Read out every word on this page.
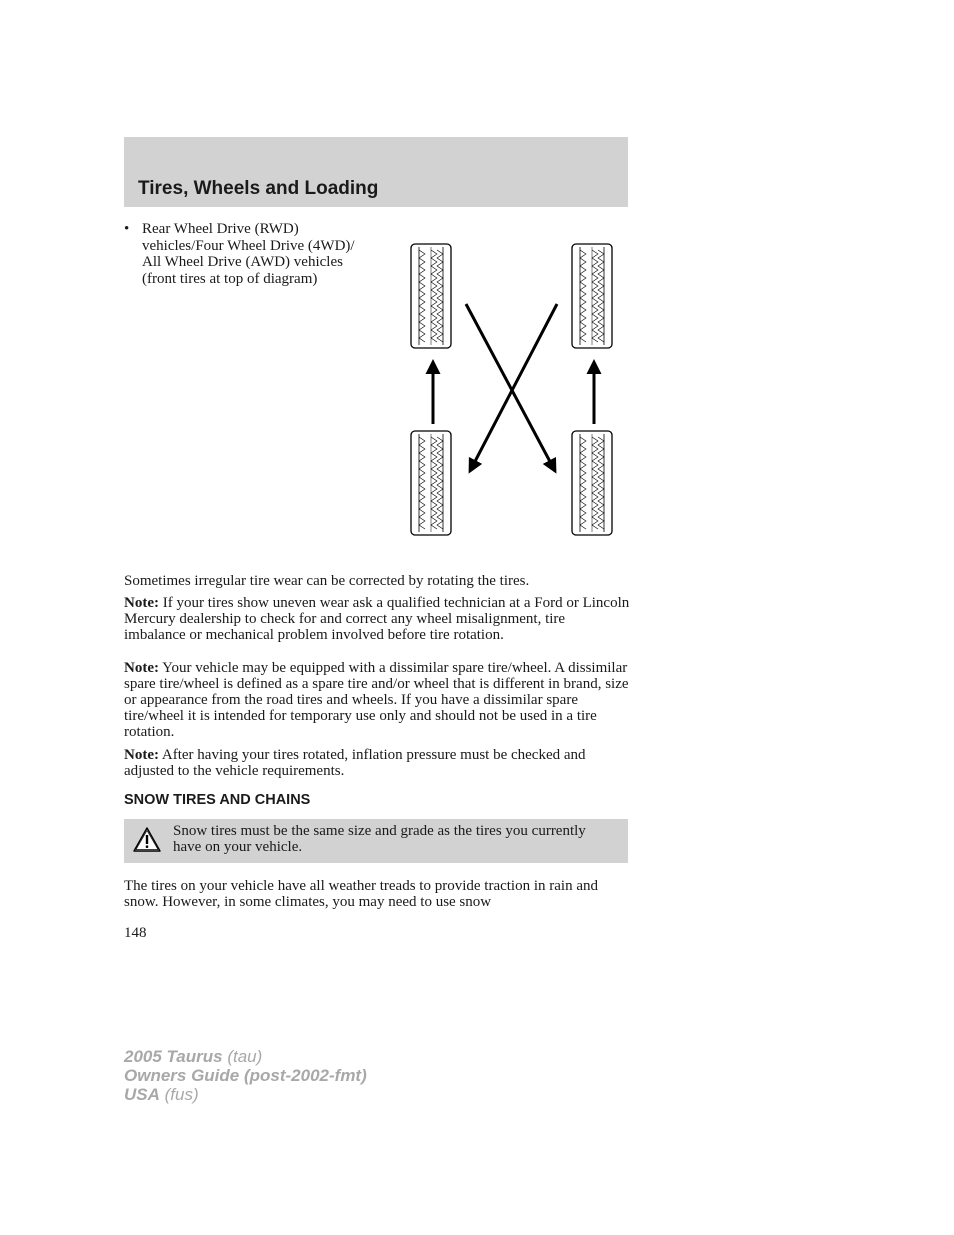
Tires, Wheels and Loading
• Rear Wheel Drive (RWD) vehicles/Four Wheel Drive (4WD)/ All Wheel Drive (AWD) vehicles (front tires at top of diagram)
Sometimes irregular tire wear can be corrected by rotating the tires.
Note: If your tires show uneven wear ask a qualified technician at a Ford or Lincoln Mercury dealership to check for and correct any wheel misalignment, tire imbalance or mechanical problem involved before tire rotation.
Note: Your vehicle may be equipped with a dissimilar spare tire/wheel. A dissimilar spare tire/wheel is defined as a spare tire and/or wheel that is different in brand, size or appearance from the road tires and wheels. If you have a dissimilar spare tire/wheel it is intended for temporary use only and should not be used in a tire rotation.
Note: After having your tires rotated, inflation pressure must be checked and adjusted to the vehicle requirements.
SNOW TIRES AND CHAINS
Snow tires must be the same size and grade as the tires you currently have on your vehicle.
The tires on your vehicle have all weather treads to provide traction in rain and snow. However, in some climates, you may need to use snow
148
2005 Taurus (tau)
Owners Guide (post-2002-fmt)
USA (fus)
